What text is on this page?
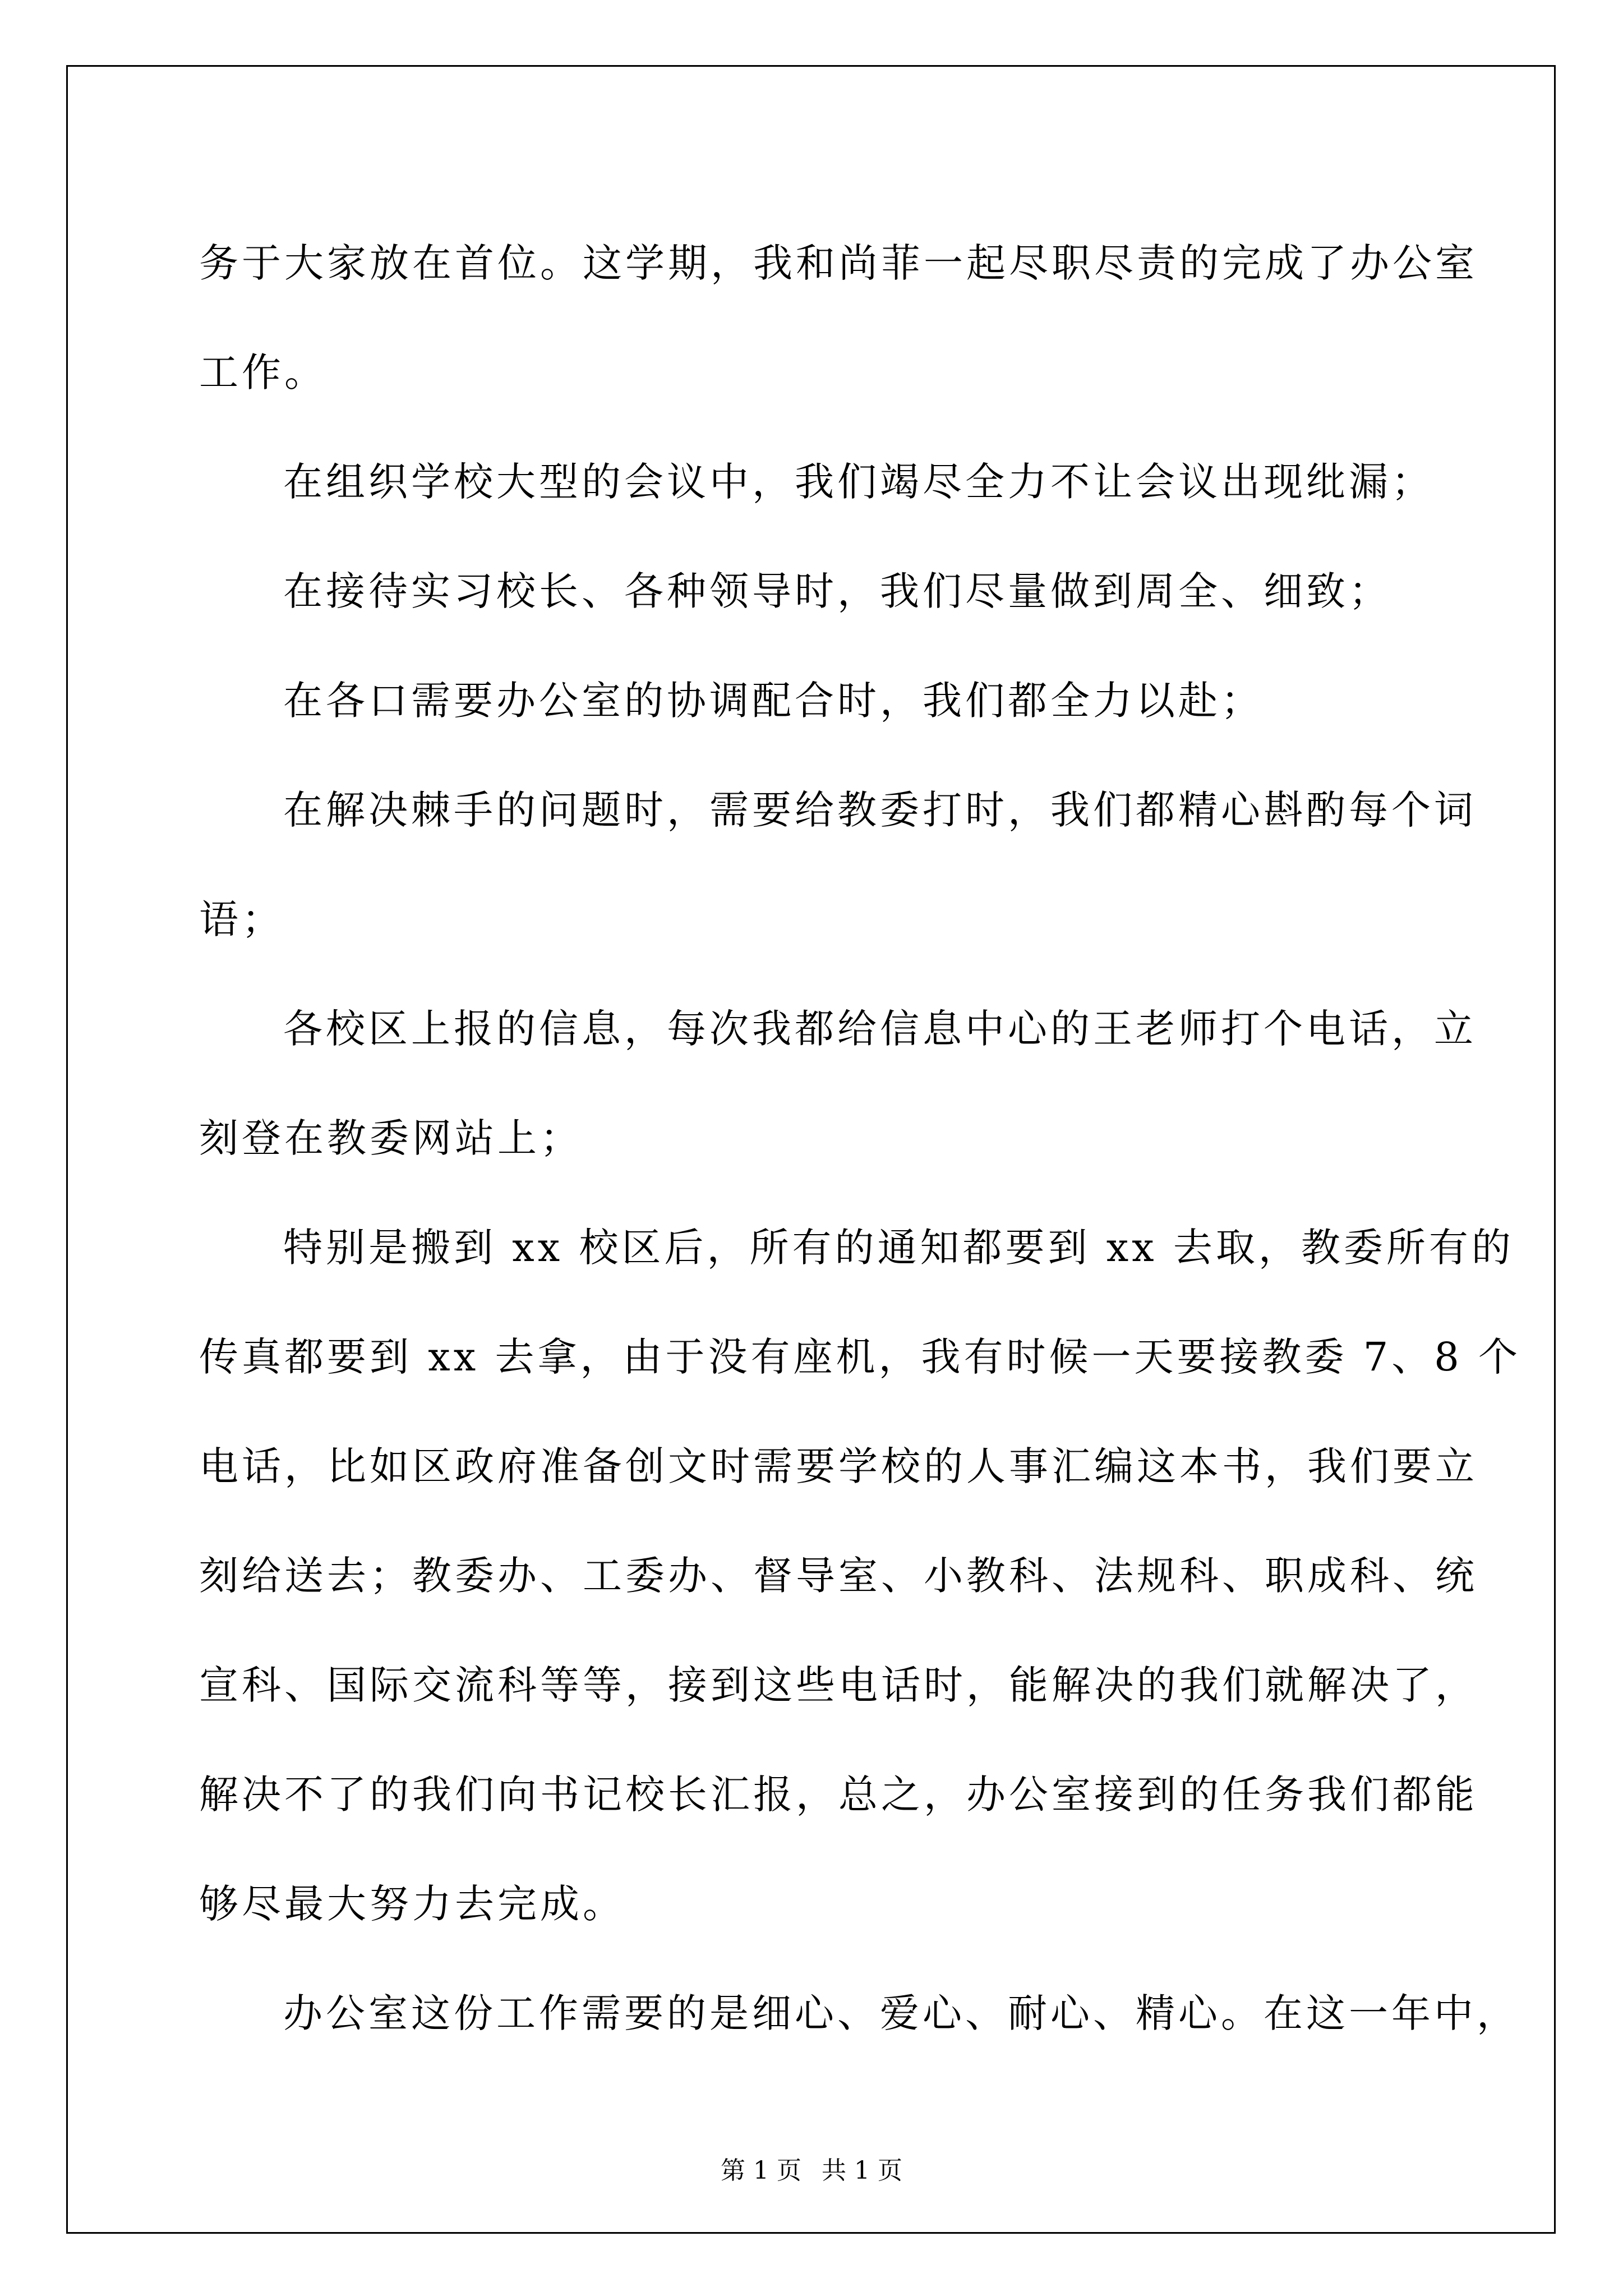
务于大家放在首位。这学期，我和尚菲一起尽职尽责的完成了办公室

工作。

在组织学校大型的会议中，我们竭尽全力不让会议出现纰漏；

在接待实习校长、各种领导时，我们尽量做到周全、细致；

在各口需要办公室的协调配合时，我们都全力以赴；

在解决棘手的问题时，需要给教委打时，我们都精心斟酌每个词

语；

各校区上报的信息，每次我都给信息中心的王老师打个电话，立

刻登在教委网站上；

特别是搬到 xx 校区后，所有的通知都要到 xx 去取，教委所有的

传真都要到 xx 去拿，由于没有座机，我有时候一天要接教委 7、8 个

电话，比如区政府准备创文时需要学校的人事汇编这本书，我们要立

刻给送去；教委办、工委办、督导室、小教科、法规科、职成科、统

宣科、国际交流科等等，接到这些电话时，能解决的我们就解决了，

解决不了的我们向书记校长汇报，总之，办公室接到的任务我们都能

够尽最大努力去完成。

办公室这份工作需要的是细心、爱心、耐心、精心。在这一年中，

第 1 页 共 1 页
